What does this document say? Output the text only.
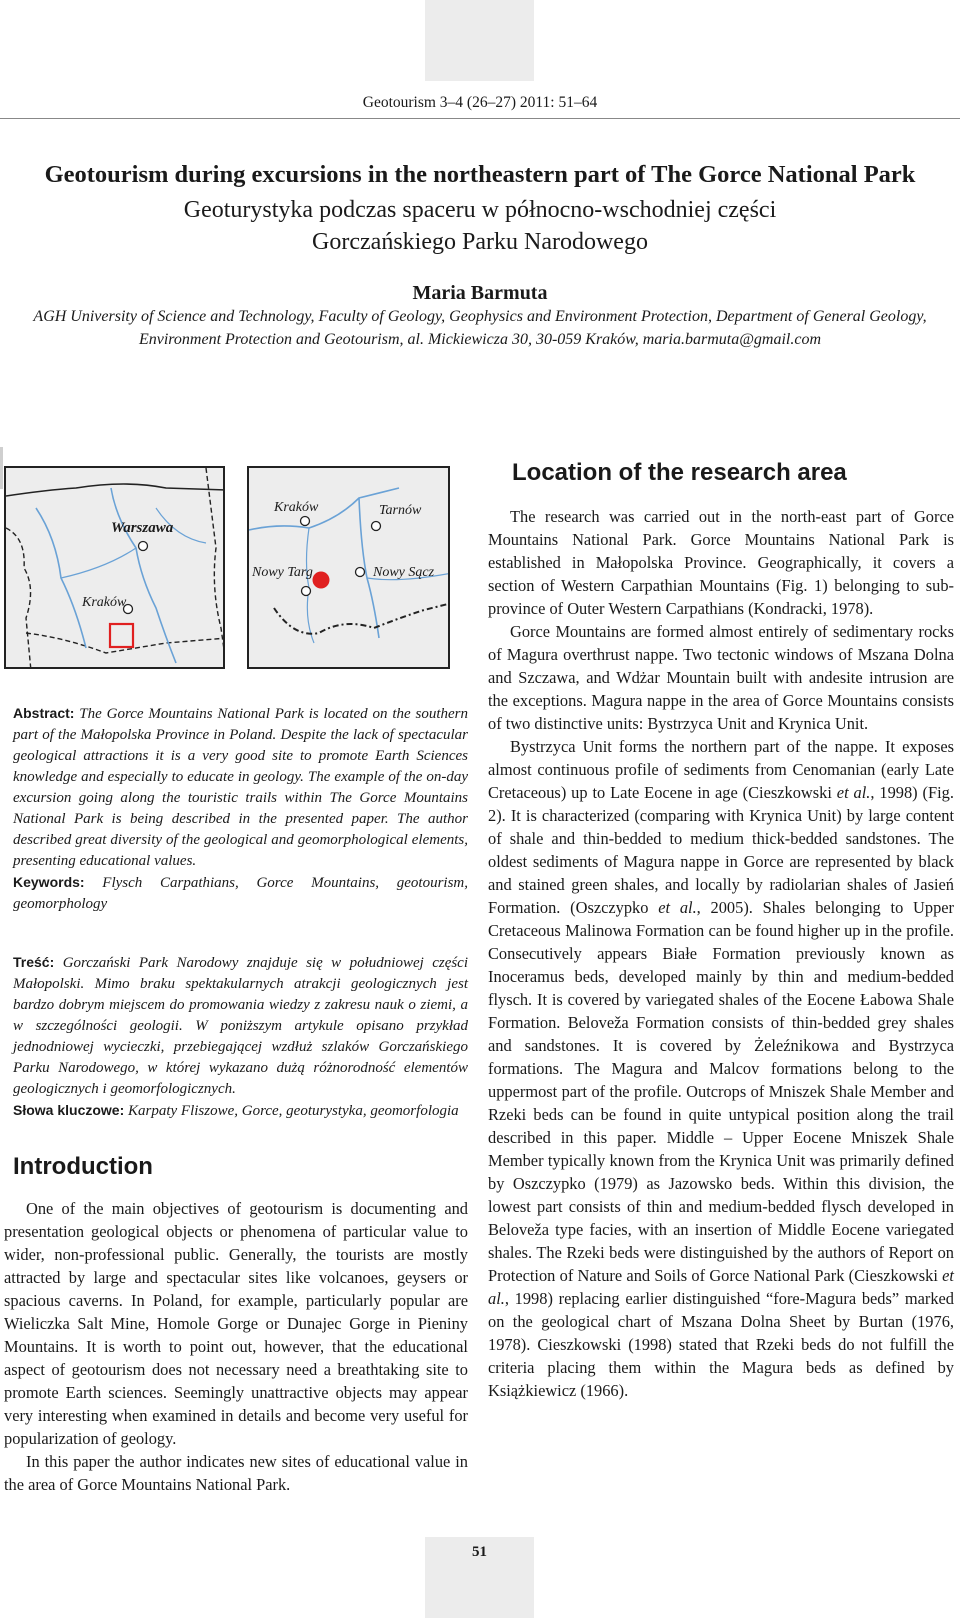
Geotourism 3–4 (26–27) 2011: 51–64
Geotourism during excursions in the northeastern part of The Gorce National Park
Geoturystyka podczas spaceru w północno-wschodniej części
Gorczańskiego Parku Narodowego
Maria Barmuta
AGH University of Science and Technology, Faculty of Geology, Geophysics and Environment Protection, Department of General Geology, Environment Protection and Geotourism, al. Mickiewicza 30, 30-059 Kraków, maria.barmuta@gmail.com
Warszawa
Kraków
Kraków	Tarnów
Nowy Targ	Nowy Sącz
Abstract: The Gorce Mountains National Park is located on the southern part of the Małopolska Province in Poland. Despite the lack of spectacular geological attractions it is a very good site to promote Earth Sciences knowledge and especially to educate in geology. The example of the on-day excursion going along the touristic trails within The Gorce Mountains National Park is being described in the presented paper. The author described great diversity of the geological and geomorphological elements, presenting educational values.
Keywords: Flysch Carpathians, Gorce Mountains, geotourism, geomorphology
Treść: Gorczański Park Narodowy znajduje się w południowej części Małopolski. Mimo braku spektakularnych atrakcji geologicznych jest bardzo dobrym miejscem do promowania wiedzy z zakresu nauk o ziemi, a w szczególności geologii. W poniższym artykule opisano przykład jednodniowej wycieczki, przebiegającej wzdłuż szlaków Gorczańskiego Parku Narodowego, w której wykazano dużą różnorodność elementów geologicznych i geomorfologicznych.
Słowa kluczowe: Karpaty Fliszowe, Gorce, geoturystyka, geomorfologia
Introduction

One of the main objectives of geotourism is documenting and presentation geological objects or phenomena of particular value to wider, non-professional public. Generally, the tourists are mostly attracted by large and spectacular sites like volcanoes, geysers or spacious caverns. In Poland, for example, particularly popular are Wieliczka Salt Mine, Homole Gorge or Dunajec Gorge in Pieniny Mountains. It is worth to point out, however, that the educational aspect of geotourism does not necessary need a breathtaking site to promote Earth sciences. Seemingly unattractive objects may appear very interesting when examined in details and become very useful for popularization of geology.

In this paper the author indicates new sites of educational value in the area of Gorce Mountains National Park.

Location of the research area

The research was carried out in the north-east part of Gorce Mountains National Park. Gorce Mountains National Park is established in Małopolska Province. Geographically, it covers a section of Western Carpathian Mountains (Fig. 1) belonging to sub-province of Outer Western Carpathians (Kondracki, 1978).

Gorce Mountains are formed almost entirely of sedimentary rocks of Magura overthrust nappe. Two tectonic windows of Mszana Dolna and Szczawa, and Wdżar Mountain built with andesite intrusion are the exceptions. Magura nappe in the area of Gorce Mountains consists of two distinctive units: Bystrzyca Unit and Krynica Unit.

Bystrzyca Unit forms the northern part of the nappe. It exposes almost continuous profile of sediments from Cenomanian (early Late Cretaceous) up to Late Eocene in age (Cieszkowski et al., 1998) (Fig. 2). It is characterized (comparing with Krynica Unit) by large content of shale and thin-bedded to medium thick-bedded sandstones. The oldest sediments of Magura nappe in Gorce are represented by black and stained green shales, and locally by radiolarian shales of Jasień Formation. (Oszczypko et al., 2005). Shales belonging to Upper Cretaceous Malinowa Formation can be found higher up in the profile. Consecutively appears Białe Formation previously known as Inoceramus beds, developed mainly by thin and medium-bedded flysch. It is covered by variegated shales of the Eocene Łabowa Shale Formation. Beloveža Formation consists of thin-bedded grey shales and sandstones. It is covered by Żeleźnikowa and Bystrzyca formations. The Magura and Malcov formations belong to the uppermost part of the profile. Outcrops of Mniszek Shale Member and Rzeki beds can be found in quite untypical position along the trail described in this paper. Middle – Upper Eocene Mniszek Shale Member typically known from the Krynica Unit was primarily defined by Oszczypko (1979) as Jazowsko beds. Within this division, the lowest part consists of thin and medium-bedded flysch developed in Beloveža type facies, with an insertion of Middle Eocene variegated shales. The Rzeki beds were distinguished by the authors of Report on Protection of Nature and Soils of Gorce National Park (Cieszkowski et al., 1998) replacing earlier distinguished “fore-Magura beds” marked on the geological chart of Mszana Dolna Sheet by Burtan (1976, 1978). Cieszkowski (1998) stated that Rzeki beds do not fulfill the criteria placing them within the Magura beds as defined by Książkiewicz (1966).

51
